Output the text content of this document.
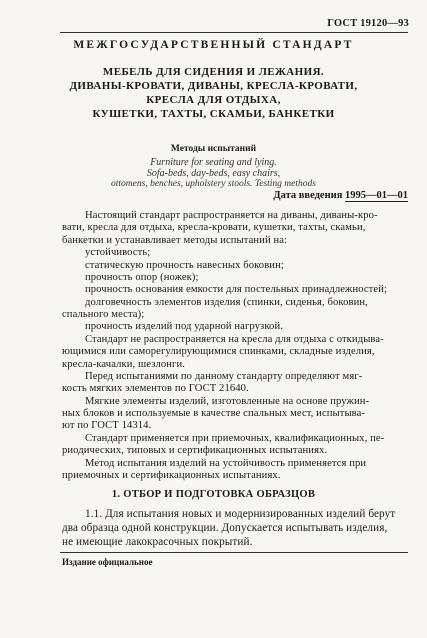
ГОСТ 19120—93
МЕЖГОСУДАРСТВЕННЫЙ СТАНДАРТ
МЕБЕЛЬ ДЛЯ СИДЕНИЯ И ЛЕЖАНИЯ.
ДИВАНЫ-КРОВАТИ, ДИВАНЫ, КРЕСЛА-КРОВАТИ,
КРЕСЛА ДЛЯ ОТДЫХА,
КУШЕТКИ, ТАХТЫ, СКАМЬИ, БАНКЕТКИ
Методы испытаний
Furniture for seating and lying.
Sofa-beds, day-beds, easy chairs,
Дата введения 1995—01—01
1. ОТБОР И ПОДГОТОВКА ОБРАЗЦОВ
1.1. Для испытания новых и модернизированных изделий берут
два образца одной конструкции. Допускается испытывать изделия,
не имеющие лакокрасочных покрытий.
Издание официальное
ottomens, benches, upholstery stools. Testing methods
Настоящий стандарт распространяется на диваны, диваны-кро-
вати, кресла для отдыха, кресла-кровати, кушетки, тахты, скамьи,
банкетки и устанавливает методы испытаний на:
устойчивость;
статическую прочность навесных боковин;
прочность опор (ножек);
прочность основания емкости для постельных принадлежностей;
долговечность элементов изделия (спинки, сиденья, боковин,
спального места);
прочность изделий под ударной нагрузкой.
Стандарт не распространяется на кресла для отдыха с откидыва-
ющимися или саморегулирующимися спинками, складные изделия,
кресла-качалки, шезлонги.
Перед испытаниями по данному стандарту определяют мяг-
кость мягких элементов по ГОСТ 21640.
Мягкие элементы изделий, изготовленные на основе пружин-
ных блоков и используемые в качестве спальных мест, испытыва-
ют по ГОСТ 14314.
Стандарт применяется при приемочных, квалификационных, пе-
риодических, типовых и сертификационных испытаниях.
Метод испытания изделий на устойчивость применяется при
приемочных и сертификационных испытаниях.
